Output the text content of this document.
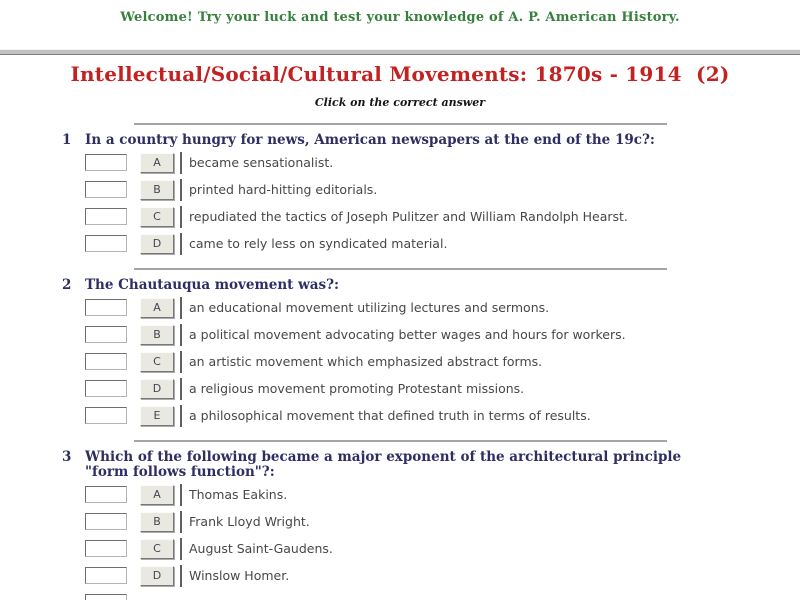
Welcome! Try your luck and test your knowledge of A. P. American History.
Intellectual/Social/Cultural Movements: 1870s - 1914  (2)
Click on the correct answer
1	In a country hungry for news, American newspapers at the end of the 19c?:
A	became sensationalist.
B	printed hard-hitting editorials.
C	repudiated the tactics of Joseph Pulitzer and William Randolph Hearst.
D	came to rely less on syndicated material.
2	The Chautauqua movement was?:
A	an educational movement utilizing lectures and sermons.
B	a political movement advocating better wages and hours for workers.
C	an artistic movement which emphasized abstract forms.
D	a religious movement promoting Protestant missions.
E	a philosophical movement that defined truth in terms of results.
3	Which of the following became a major exponent of the architectural principle "form follows function"?:
A	Thomas Eakins.
B	Frank Lloyd Wright.
C	August Saint-Gaudens.
D	Winslow Homer.
